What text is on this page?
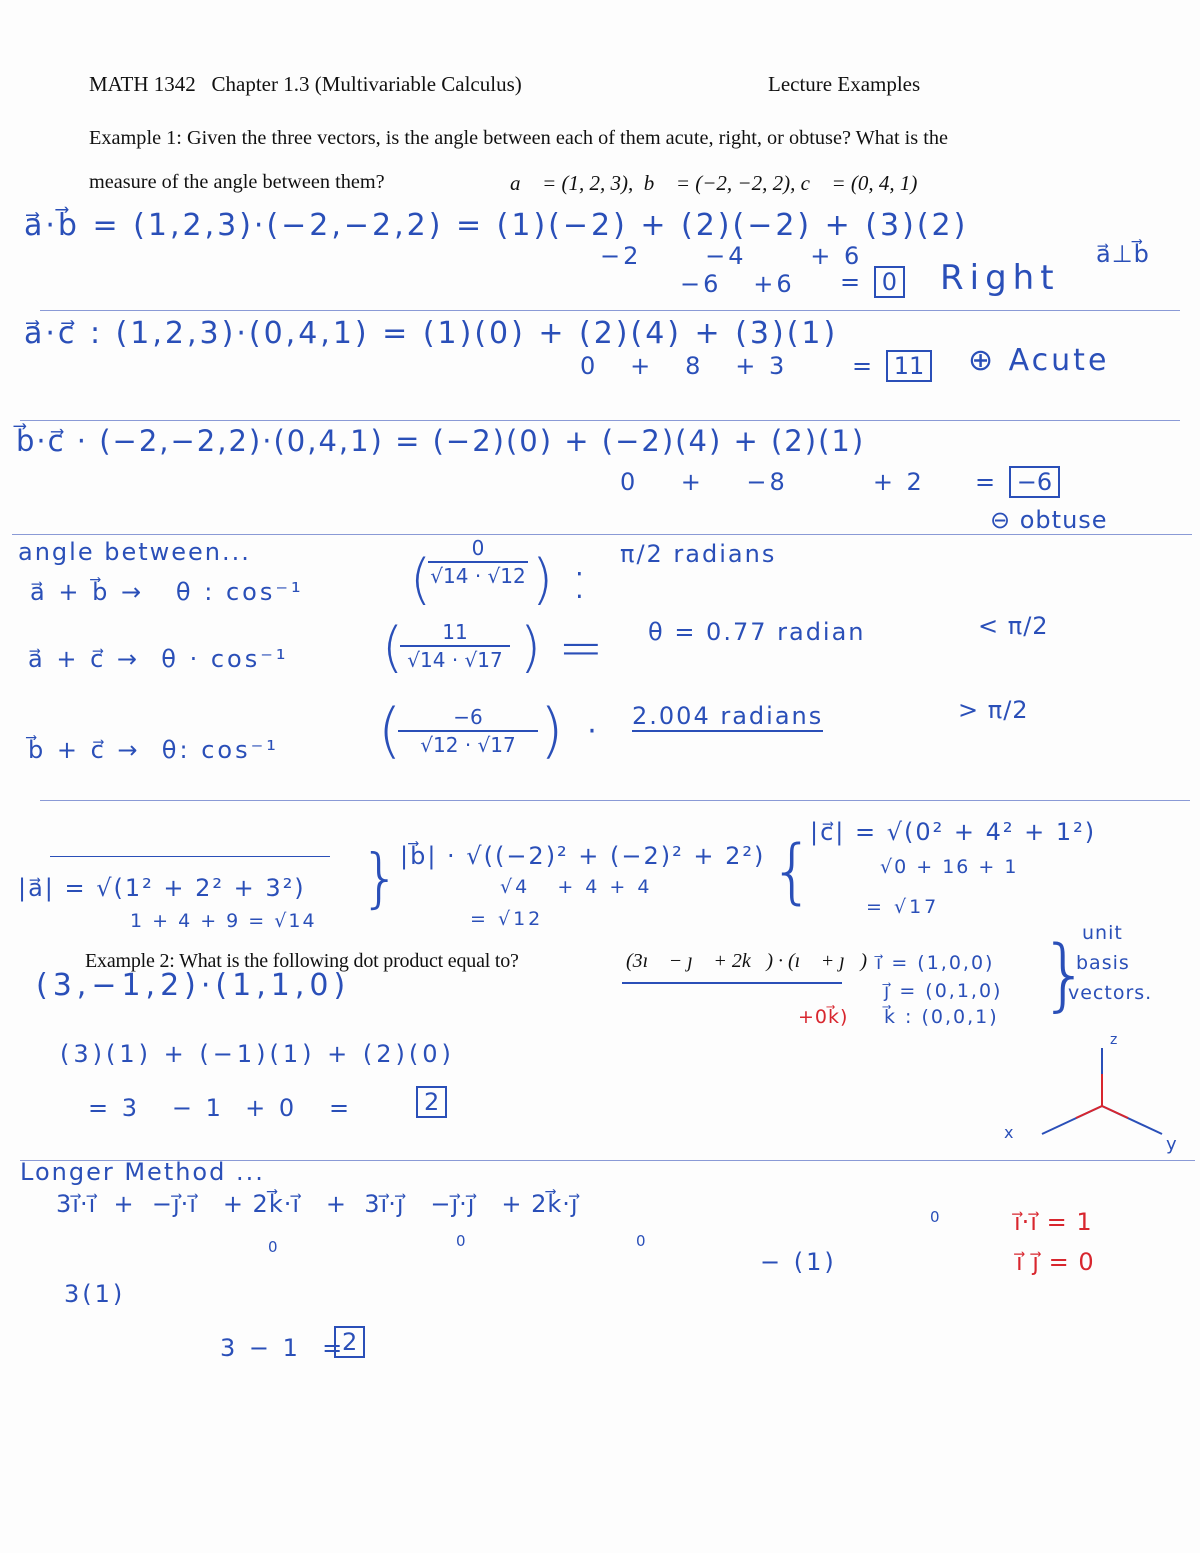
MATH 1342   Chapter 1.3 (Multivariable Calculus)	Lecture Examples
Example 1: Given the three vectors, is the angle between each of them acute, right, or obtuse? What is the
measure of the angle between them?	a⃗ = (1, 2, 3),  b⃗ = (−2, −2, 2), c⃗ = (0, 4, 1)
a⃗·b⃗ = (1,2,3)·(−2,−2,2) = (1)(−2) + (2)(−2) + (3)(2)
−2      −4      + 6
−6   +6 = 0 Right
a⃗⊥b⃗
a⃗·c⃗ : (1,2,3)·(0,4,1) = (1)(0) + (2)(4) + (3)(1)
0   +   8   + 3	= 11 ⊕ Acute
b⃗·c⃗ · (−2,−2,2)·(0,4,1) = (−2)(0) + (−2)(4) + (2)(1)
0    +    −8        + 2 = −6
⊖ obtuse
angle between...
a⃗ + b⃗ →   θ : cos⁻¹ (	0
√14 · √12 ) : π/2 radians
a⃗ + c⃗ →  θ · cos⁻¹ (	11
√14 · √17 ) = θ = 0.77 radian	< π/2
b⃗ + c⃗ →  θ: cos⁻¹ (	−6
√12 · √17 ) · 2.004 radians	> π/2
|a⃗| = √(1² + 2² + 3²)
1 + 4 + 9 = √14
} |b⃗| · √((−2)² + (−2)² + 2²)
√4   + 4 + 4
= √12
{
|c⃗| = √(0² + 4² + 1²)
√0 + 16 + 1
= √17
Example 2: What is the following dot product equal to?	(3ı⃗ − ȷ⃗ + 2k⃗) · (ı⃗ + ȷ⃗)
(3,−1,2)·(1,1,0)
(3)(1) + (−1)(1) + (2)(0)
= 3   − 1  + 0   =	2
+0k⃗)
ı⃗ = (1,0,0)
ȷ⃗ = (0,1,0)
k⃗ : (0,0,1) }
unit
basis
vectors.
z
x
y
Longer Method ...
3ı⃗·ı⃗  +  −ȷ⃗·ı⃗   + 2k⃗·ı⃗   +  3ı⃗·ȷ⃗   −ȷ⃗·ȷ⃗   + 2k⃗·ȷ⃗
0	0	0
0
− (1)
3(1)
3 − 1  =
2
ı⃗·ı⃗ = 1
ı⃗ ȷ⃗ = 0
